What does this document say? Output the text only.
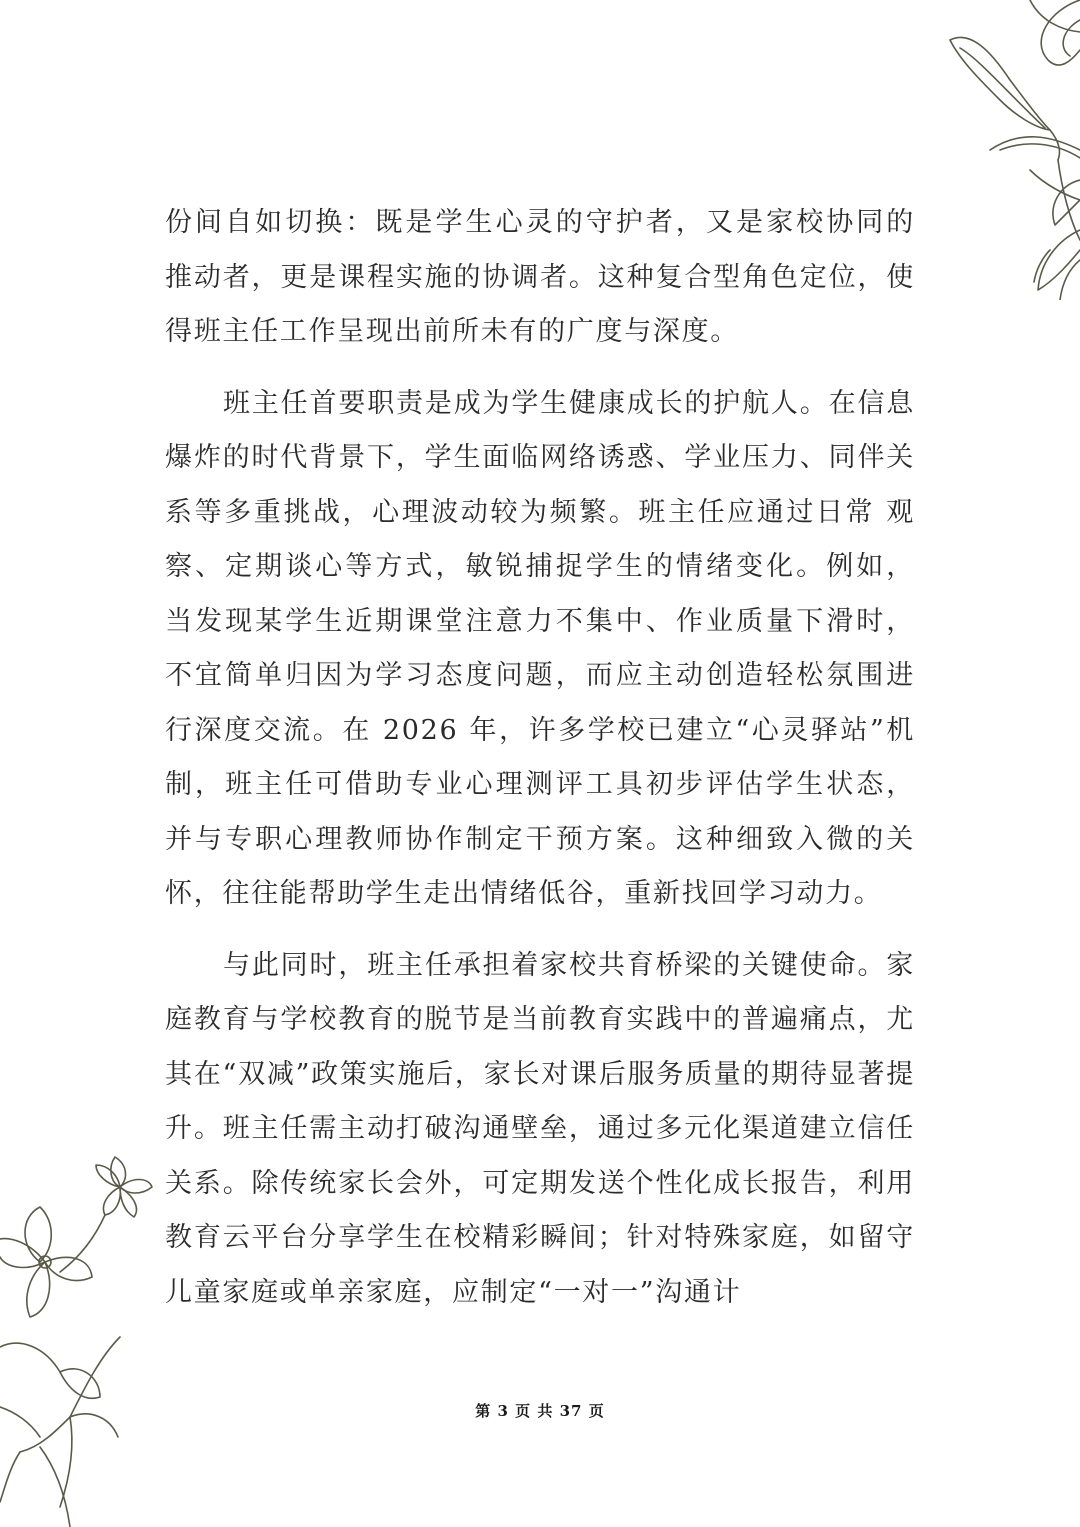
份间自如切换：既是学生心灵的守护者，又是家校协同的 推动者，更是课程实施的协调者。这种复合型角色定位，使 得班主任工作呈现出前所未有的广度与深度。

班主任首要职责是成为学生健康成长的护航人。在信息爆炸的时代背景下，学生面临网络诱惑、学业压力、同伴关系等多重挑战，心理波动较为频繁。班主任应通过日常 观察、定期谈心等方式，敏锐捕捉学生的情绪变化。例如， 当发现某学生近期课堂注意力不集中、作业质量下滑时， 不宜简单归因为学习态度问题，而应主动创造轻松氛围进 行深度交流。在 2026 年，许多学校已建立“心灵驿站”机 制，班主任可借助专业心理测评工具初步评估学生状态， 并与专职心理教师协作制定干预方案。这种细致入微的关 怀，往往能帮助学生走出情绪低谷，重新找回学习动力。

与此同时，班主任承担着家校共育桥梁的关键使命。家庭教育与学校教育的脱节是当前教育实践中的普遍痛点，尤其在“双减”政策实施后，家长对课后服务质量的期待显著提升。班主任需主动打破沟通壁垒，通过多元化渠道建立信任关系。除传统家长会外，可定期发送个性化成长报告，利用教育云平台分享学生在校精彩瞬间；针对特殊家庭，如留守儿童家庭或单亲家庭，应制定“一对一”沟通计

第 3 页 共 37 页
